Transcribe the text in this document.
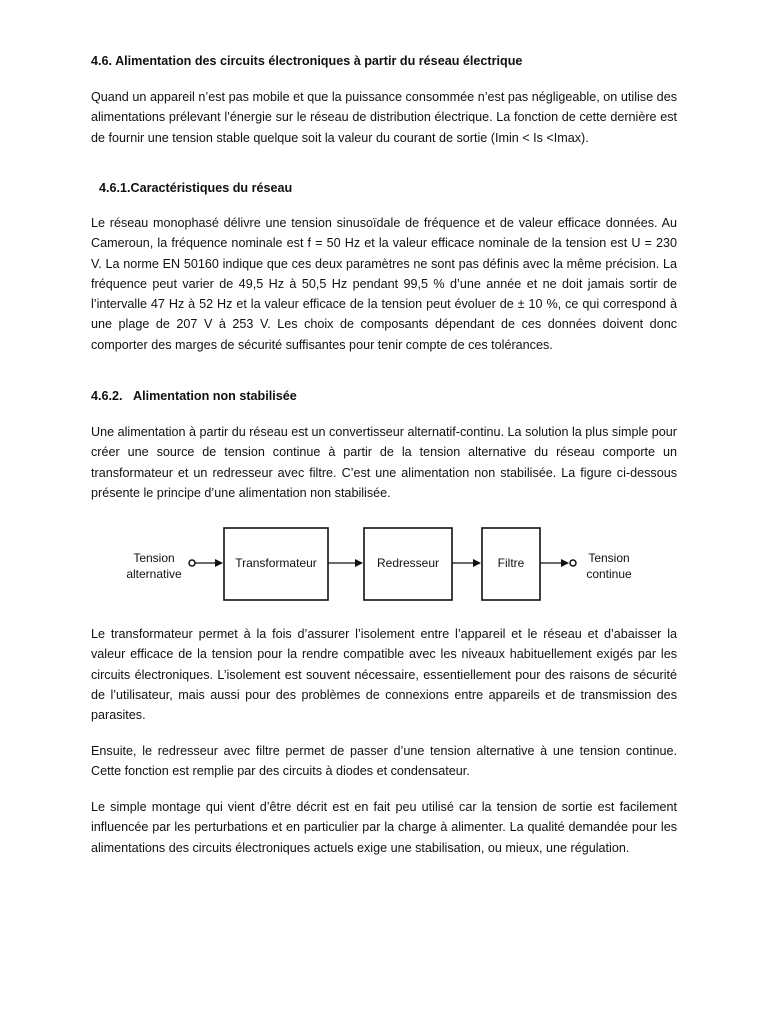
4.6. Alimentation des circuits électroniques à partir du réseau électrique

Quand un appareil n’est pas mobile et que la puissance consommée n’est pas négligeable, on utilise des alimentations prélevant l’énergie sur le réseau de distribution électrique. La fonction de cette dernière est de fournir une tension stable quelque soit la valeur du courant de sortie (Imin < Is <Imax).

4.6.1.Caractéristiques du réseau

Le réseau monophasé délivre une tension sinusoïdale de fréquence et de valeur efficace données. Au Cameroun, la fréquence nominale est f = 50 Hz et la valeur efficace nominale de la tension est U = 230 V. La norme EN 50160 indique que ces deux paramètres ne sont pas définis avec la même précision. La fréquence peut varier de 49,5 Hz à 50,5 Hz pendant 99,5 % d’une année et ne doit jamais sortir de l’intervalle 47 Hz à 52 Hz et la valeur efficace de la tension peut évoluer de ± 10 %, ce qui correspond à une plage de 207 V à 253 V. Les choix de composants dépendant de ces données doivent donc comporter des marges de sécurité suffisantes pour tenir compte de ces tolérances.

4.6.2. Alimentation non stabilisée

Une alimentation à partir du réseau est un convertisseur alternatif-continu. La solution la plus simple pour créer une source de tension continue à partir de la tension alternative du réseau comporte un transformateur et un redresseur avec filtre. C’est une alimentation non stabilisée. La figure ci-dessous présente le principe d’une alimentation non stabilisée.

Tension
alternative
Transformateur	Redresseur	Filtre	Tension
continue

Le transformateur permet à la fois d’assurer l’isolement entre l’appareil et le réseau et d’abaisser la valeur efficace de la tension pour la rendre compatible avec les niveaux habituellement exigés par les circuits électroniques. L’isolement est souvent nécessaire, essentiellement pour des raisons de sécurité de l’utilisateur, mais aussi pour des problèmes de connexions entre appareils et de transmission des parasites.

Ensuite, le redresseur avec filtre permet de passer d’une tension alternative à une tension continue. Cette fonction est remplie par des circuits à diodes et condensateur.

Le simple montage qui vient d’être décrit est en fait peu utilisé car la tension de sortie est facilement influencée par les perturbations et en particulier par la charge à alimenter. La qualité demandée pour les alimentations des circuits électroniques actuels exige une stabilisation, ou mieux, une régulation.
